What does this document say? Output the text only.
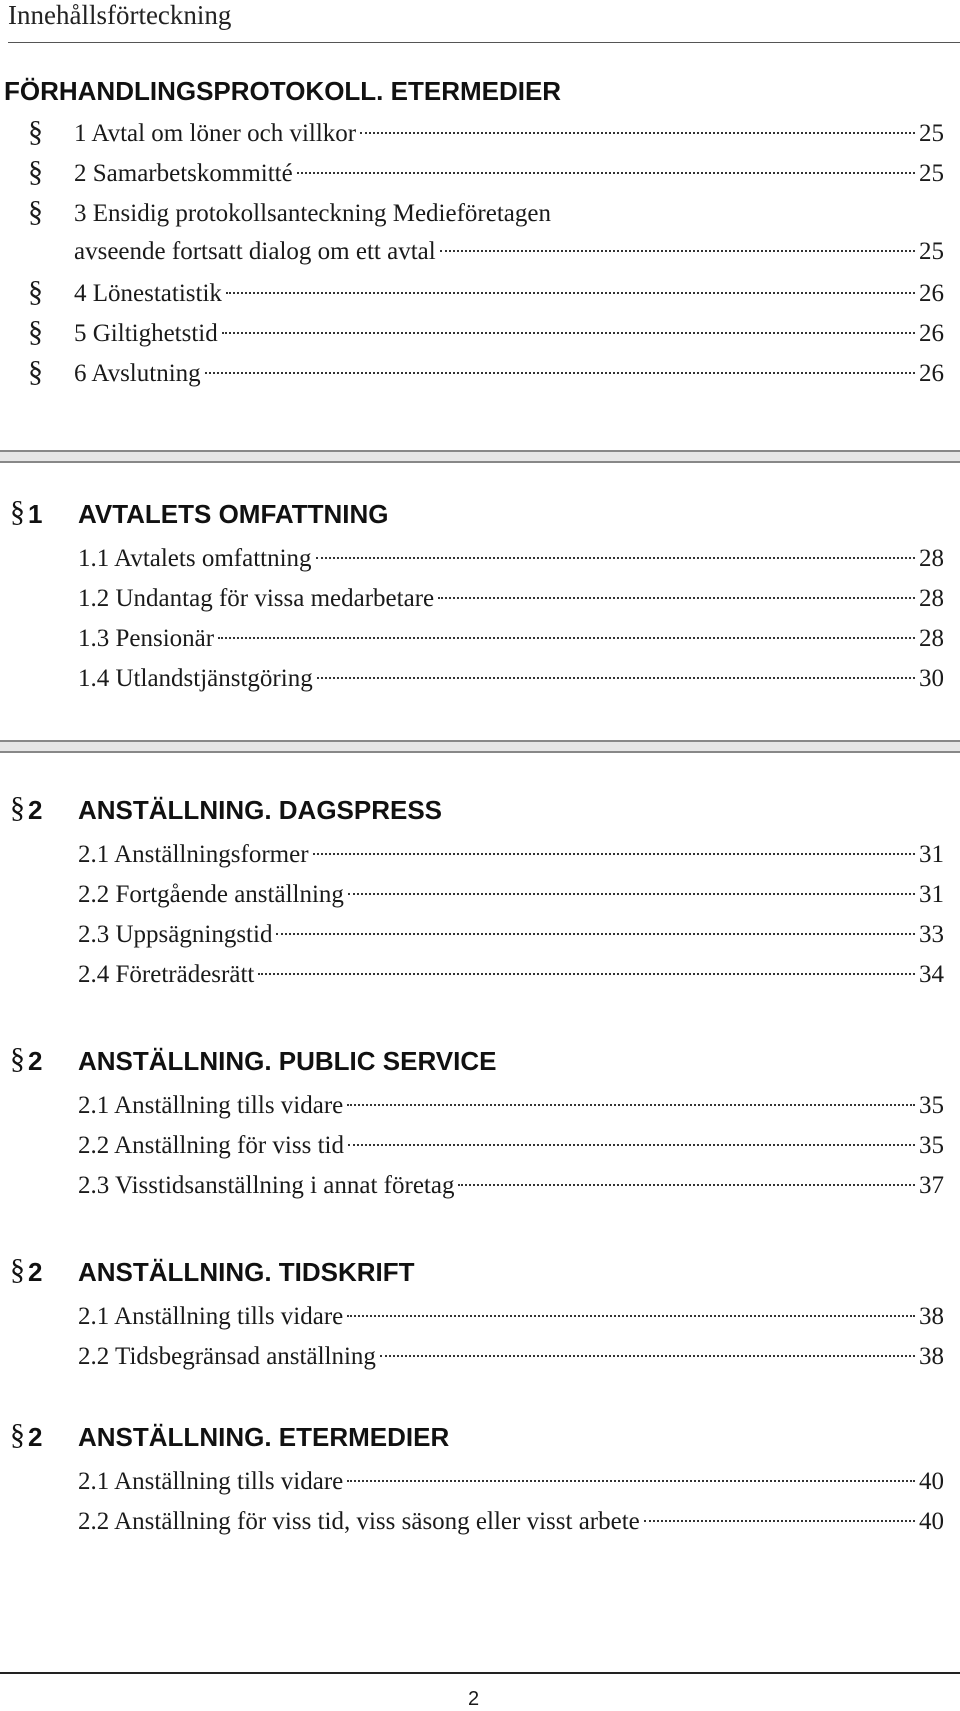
Innehållsförteckning
FÖRHANDLINGSPROTOKOLL. ETERMEDIER
§	1 Avtal om löner och villkor	25
§	2 Samarbetskommitté	25
§	3 Ensidig protokollsanteckning Medieföretagen
avseende fortsatt dialog om ett avtal	25
§	4 Lönestatistik	26
§	5 Giltighetstid	26
§	6 Avslutning	26
§ 1 AVTALETS OMFATTNING
1.1 Avtalets omfattning	28
1.2 Undantag för vissa medarbetare	28
1.3 Pensionär	28
1.4 Utlandstjänstgöring	30
§ 2 ANSTÄLLNING. DAGSPRESS
2.1 Anställningsformer	31
2.2 Fortgående anställning	31
2.3 Uppsägningstid	33
2.4 Företrädesrätt	34
§ 2 ANSTÄLLNING. PUBLIC SERVICE
2.1 Anställning tills vidare	35
2.2 Anställning för viss tid	35
2.3 Visstidsanställning i annat företag	37
§ 2 ANSTÄLLNING. TIDSKRIFT
2.1 Anställning tills vidare	38
2.2 Tidsbegränsad anställning	38
§ 2 ANSTÄLLNING. ETERMEDIER
2.1 Anställning tills vidare	40
2.2 Anställning för viss tid, viss säsong eller visst arbete	40
2
